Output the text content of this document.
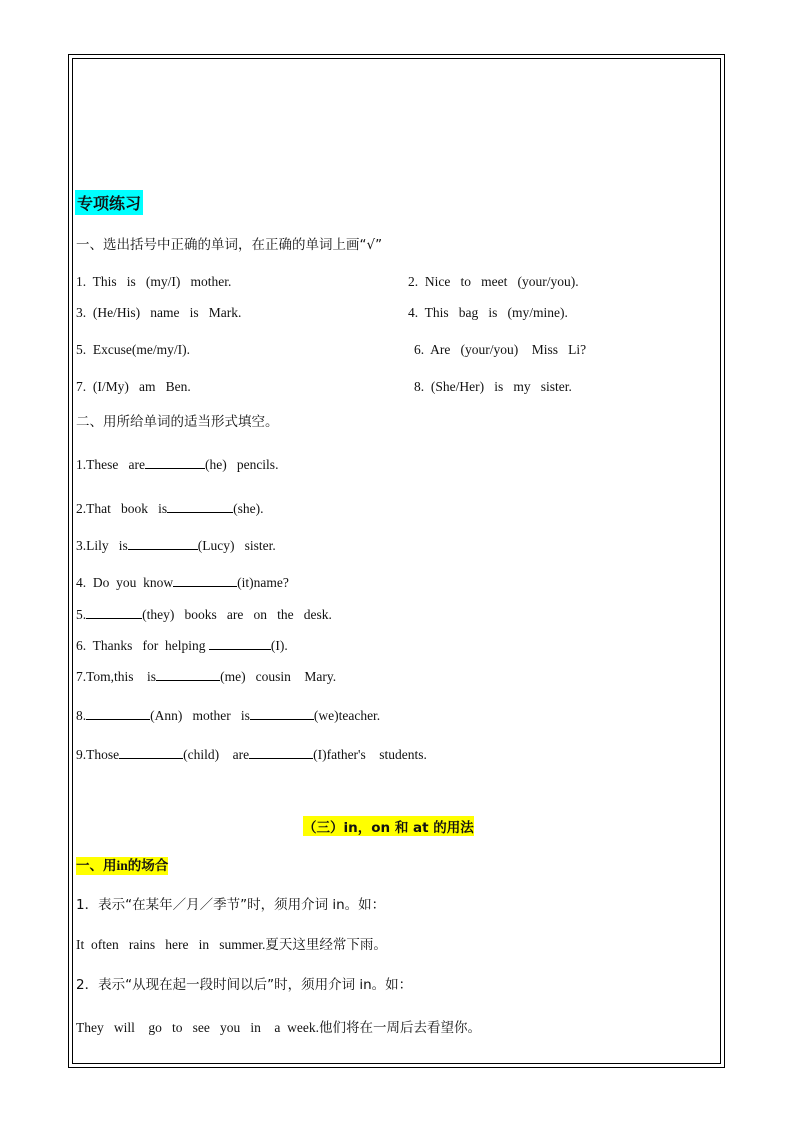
专项练习
一、选出括号中正确的单词，在正确的单词上画“√”
1.  This   is   (my/I)   mother.	2.  Nice   to   meet   (your/you).
3.  (He/His)   name   is   Mark.	4.  This   bag   is   (my/mine).
5.  Excuse(me/my/I).	6.  Are   (your/you)    Miss   Li?
7.  (I/My)   am   Ben.	8.  (She/Her)   is   my   sister.
二、用所给单词的适当形式填空。
1.These   are	(he)   pencils.
2.That   book   is	(she).
3.Lily   is	(Lucy)   sister.
4.  Do  you  know	(it)name?
5.	(they)   books   are   on   the   desk.
6.  Thanks   for  helping	(I).
7.Tom,this    is	(me)   cousin    Mary.
8.	(Ann)   mother   is	(we)teacher.
9.Those	(child)    are	(I)father's    students.
（三）in，on 和 at 的用法
一、用in的场合
1．表示“在某年／月／季节”时，须用介词 in。如：
It  often   rains   here   in   summer.夏天这里经常下雨。
2．表示“从现在起一段时间以后”时，须用介词 in。如：
They   will    go   to   see   you   in    a  week.他们将在一周后去看望你。
